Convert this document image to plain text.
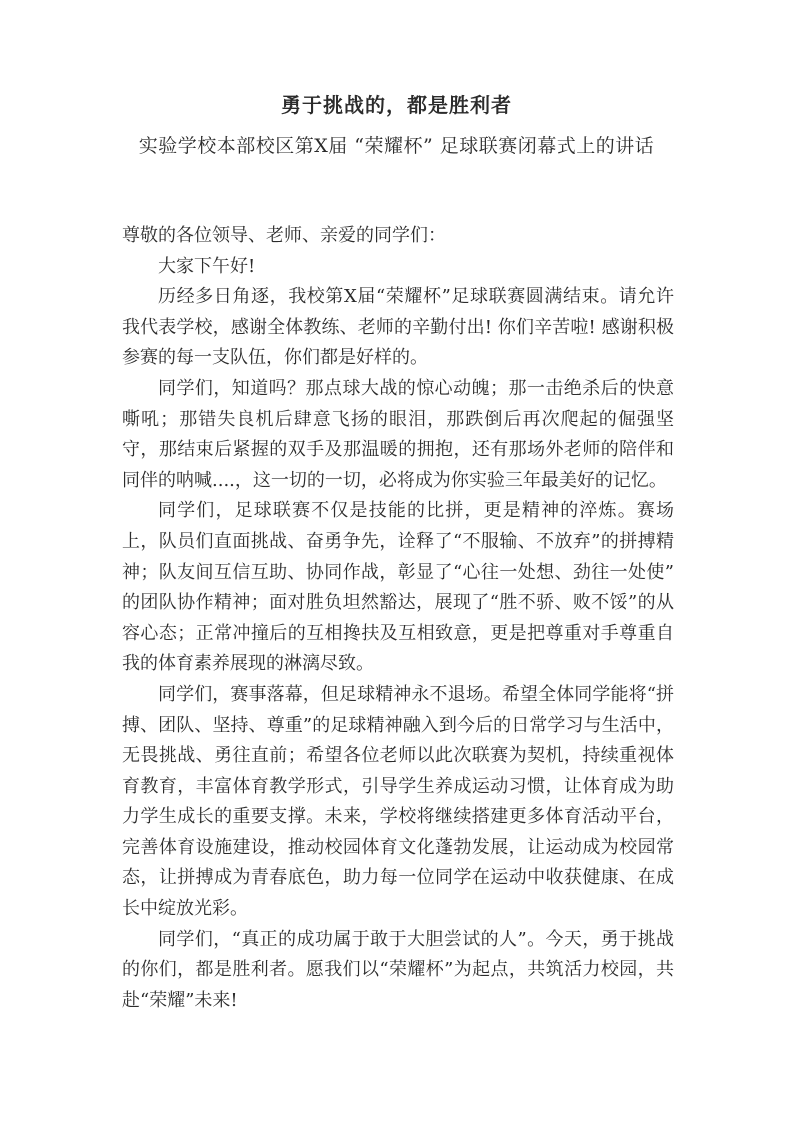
勇于挑战的，都是胜利者
实验学校本部校区第X届 “荣耀杯” 足球联赛闭幕式上的讲话

尊敬的各位领导、老师、亲爱的同学们：

大家下午好!

历经多日角逐，我校第X届“荣耀杯”足球联赛圆满结束。请允许我代表学校，感谢全体教练、老师的辛勤付出! 你们辛苦啦! 感谢积极参赛的每一支队伍，你们都是好样的。

同学们，知道吗？那点球大战的惊心动魄；那一击绝杀后的快意嘶吼；那错失良机后肆意飞扬的眼泪，那跌倒后再次爬起的倔强坚守，那结束后紧握的双手及那温暖的拥抱，还有那场外老师的陪伴和同伴的呐喊....，这一切的一切，必将成为你实验三年最美好的记忆。

同学们，足球联赛不仅是技能的比拼，更是精神的淬炼。赛场上，队员们直面挑战、奋勇争先，诠释了“不服输、不放弃”的拼搏精神；队友间互信互助、协同作战，彰显了“心往一处想、劲往一处使”的团队协作精神；面对胜负坦然豁达，展现了“胜不骄、败不馁”的从容心态；正常冲撞后的互相搀扶及互相致意，更是把尊重对手尊重自我的体育素养展现的淋漓尽致。

同学们，赛事落幕，但足球精神永不退场。希望全体同学能将“拼搏、团队、坚持、尊重”的足球精神融入到今后的日常学习与生活中，无畏挑战、勇往直前；希望各位老师以此次联赛为契机，持续重视体育教育，丰富体育教学形式，引导学生养成运动习惯，让体育成为助力学生成长的重要支撑。未来，学校将继续搭建更多体育活动平台，完善体育设施建设，推动校园体育文化蓬勃发展，让运动成为校园常态，让拼搏成为青春底色，助力每一位同学在运动中收获健康、在成长中绽放光彩。

同学们，“真正的成功属于敢于大胆尝试的人”。今天，勇于挑战的你们，都是胜利者。愿我们以“荣耀杯”为起点，共筑活力校园，共赴“荣耀”未来!
